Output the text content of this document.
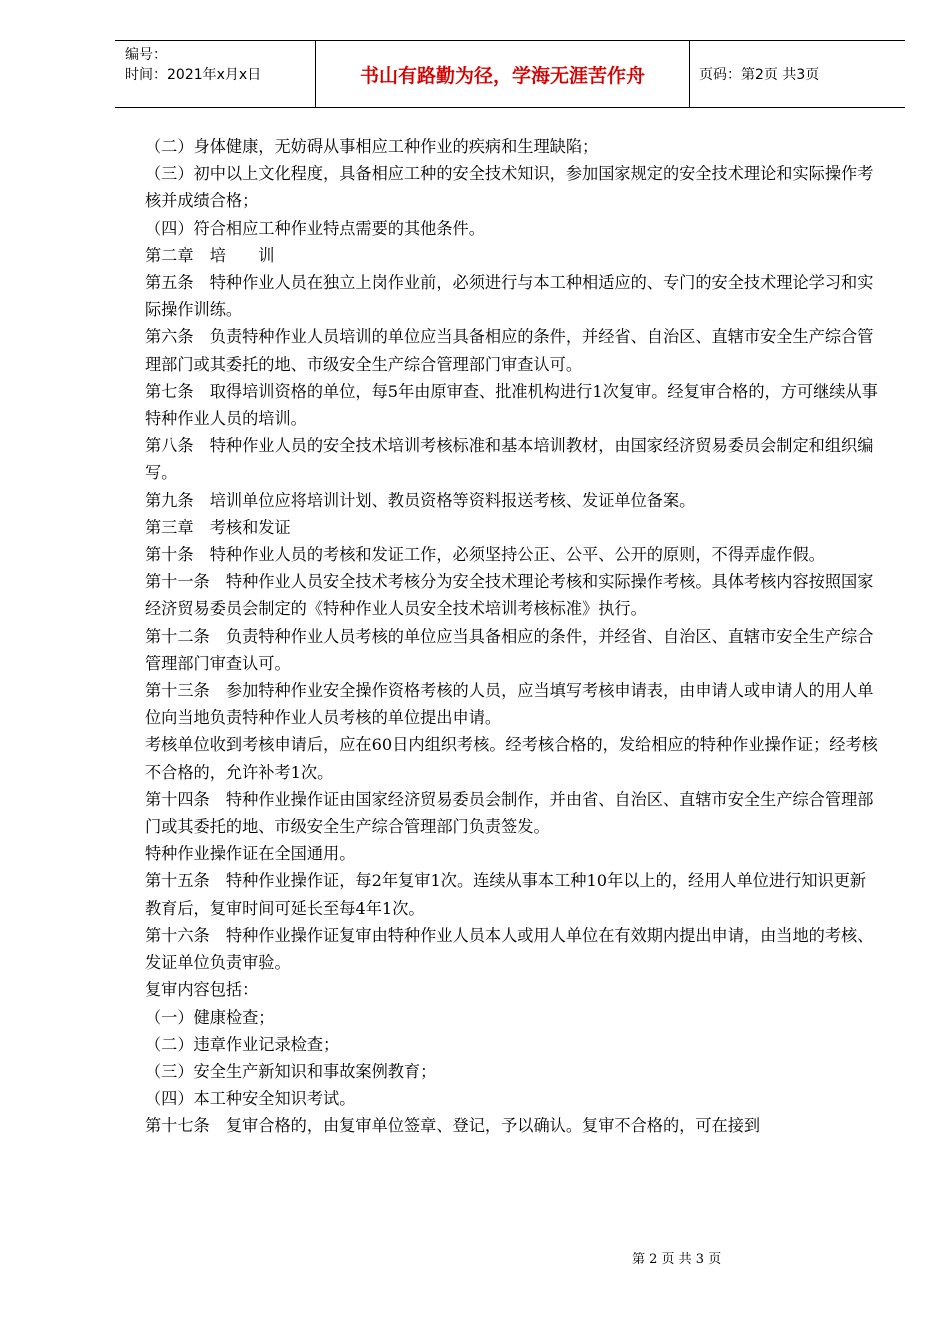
编号：
时间：2021年x月x日	书山有路勤为径，学海无涯苦作舟	页码：第2页 共3页

（二）身体健康，无妨碍从事相应工种作业的疾病和生理缺陷；

（三）初中以上文化程度，具备相应工种的安全技术知识，参加国家规定的安全技术理论和实际操作考核并成绩合格；

（四）符合相应工种作业特点需要的其他条件。

第二章　培　　训

第五条　特种作业人员在独立上岗作业前，必须进行与本工种相适应的、专门的安全技术理论学习和实际操作训练。

第六条　负责特种作业人员培训的单位应当具备相应的条件，并经省、自治区、直辖市安全生产综合管理部门或其委托的地、市级安全生产综合管理部门审查认可。

第七条　取得培训资格的单位，每5年由原审查、批准机构进行1次复审。经复审合格的，方可继续从事特种作业人员的培训。

第八条　特种作业人员的安全技术培训考核标准和基本培训教材，由国家经济贸易委员会制定和组织编写。

第九条　培训单位应将培训计划、教员资格等资料报送考核、发证单位备案。

第三章　考核和发证

第十条　特种作业人员的考核和发证工作，必须坚持公正、公平、公开的原则，不得弄虚作假。

第十一条　特种作业人员安全技术考核分为安全技术理论考核和实际操作考核。具体考核内容按照国家经济贸易委员会制定的《特种作业人员安全技术培训考核标准》执行。

第十二条　负责特种作业人员考核的单位应当具备相应的条件，并经省、自治区、直辖市安全生产综合管理部门审查认可。

第十三条　参加特种作业安全操作资格考核的人员，应当填写考核申请表，由申请人或申请人的用人单位向当地负责特种作业人员考核的单位提出申请。

考核单位收到考核申请后，应在60日内组织考核。经考核合格的，发给相应的特种作业操作证；经考核不合格的，允许补考1次。

第十四条　特种作业操作证由国家经济贸易委员会制作，并由省、自治区、直辖市安全生产综合管理部门或其委托的地、市级安全生产综合管理部门负责签发。

特种作业操作证在全国通用。

第十五条　特种作业操作证，每2年复审1次。连续从事本工种10年以上的，经用人单位进行知识更新教育后，复审时间可延长至每4年1次。

第十六条　特种作业操作证复审由特种作业人员本人或用人单位在有效期内提出申请，由当地的考核、发证单位负责审验。

复审内容包括：

（一）健康检查；

（二）违章作业记录检查；

（三）安全生产新知识和事故案例教育；

（四）本工种安全知识考试。

第十七条　复审合格的，由复审单位签章、登记，予以确认。复审不合格的，可在接到

第 2 页 共 3 页
